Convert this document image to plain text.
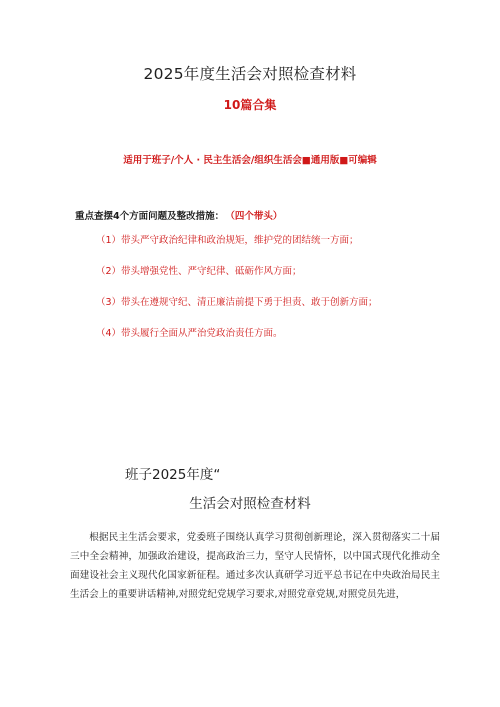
2025年度生活会对照检查材料
10篇合集
适用于班子/个人 · 民主生活会/组织生活会■通用版■可编辑
重点查摆4个方面问题及整改措施： （四个带头）
（1）带头严守政治纪律和政治规矩，维护党的团结统一方面；
（2）带头增强党性、严守纪律、砥砺作风方面；
（3）带头在遵规守纪、清正廉洁前提下勇于担责、敢于创新方面；
（4）带头履行全面从严治党政治责任方面。
班子2025年度“
生活会对照检查材料

根据民主生活会要求，党委班子围绕认真学习贯彻创新理论，深入贯彻落实二十届三中全会精神，加强政治建设，提高政治三力，坚守人民情怀，以中国式现代化推动全面建设社会主义现代化国家新征程。通过多次认真研学习近平总书记在中央政治局民主生活会上的重要讲话精神,对照党纪党规学习要求,对照党章党规,对照党员先进，
